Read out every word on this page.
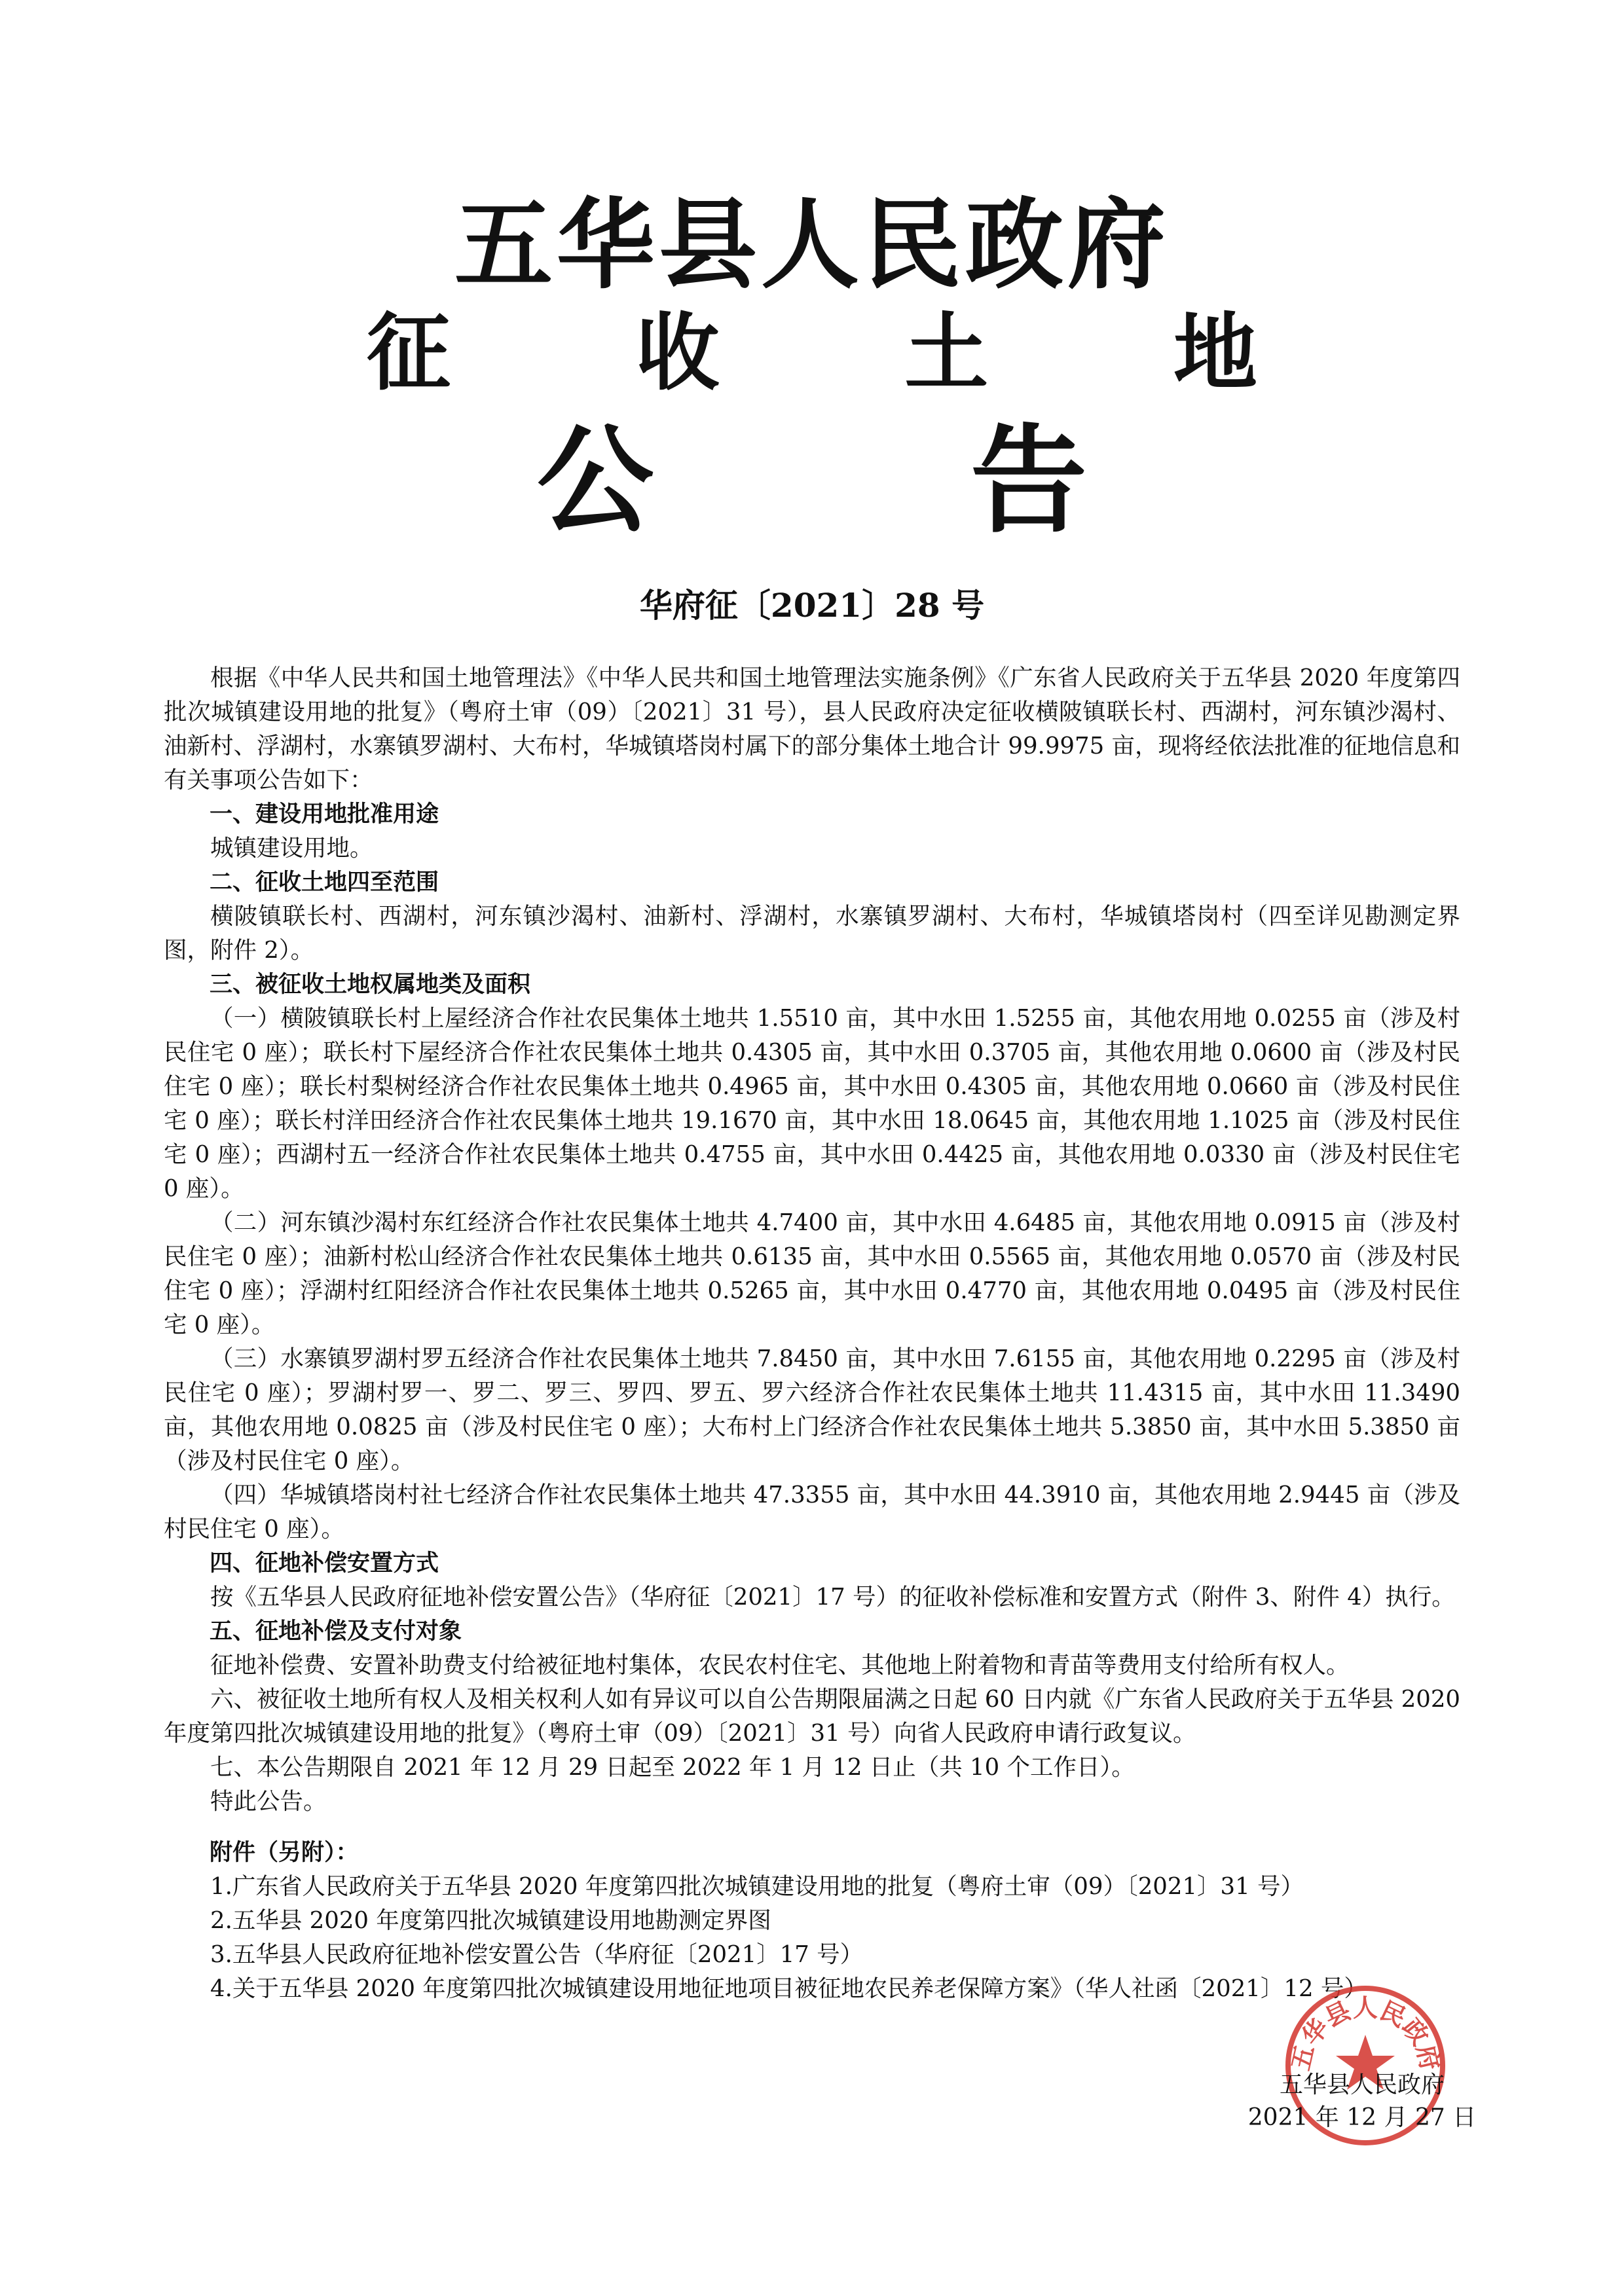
五华县人民政府
征 收 土 地
公	告
华府征〔2021〕28 号

根据《中华人民共和国土地管理法》《中华人民共和国土地管理法实施条例》《广东省人民政府关于五华县 2020 年度第四批次城镇建设用地的批复》（粤府土审（09）〔2021〕31 号），县人民政府决定征收横陂镇联长村、西湖村，河东镇沙渴村、油新村、浮湖村，水寨镇罗湖村、大布村，华城镇塔岗村属下的部分集体土地合计 99.9975 亩，现将经依法批准的征地信息和有关事项公告如下：

一、建设用地批准用途

城镇建设用地。

二、征收土地四至范围

横陂镇联长村、西湖村，河东镇沙渴村、油新村、浮湖村，水寨镇罗湖村、大布村，华城镇塔岗村（四至详见勘测定界图，附件 2）。

三、被征收土地权属地类及面积

（一）横陂镇联长村上屋经济合作社农民集体土地共 1.5510 亩，其中水田 1.5255 亩，其他农用地 0.0255 亩（涉及村民住宅 0 座）；联长村下屋经济合作社农民集体土地共 0.4305 亩，其中水田 0.3705 亩，其他农用地 0.0600 亩（涉及村民住宅 0 座）；联长村梨树经济合作社农民集体土地共 0.4965 亩，其中水田 0.4305 亩，其他农用地 0.0660 亩（涉及村民住宅 0 座）；联长村洋田经济合作社农民集体土地共 19.1670 亩，其中水田 18.0645 亩，其他农用地 1.1025 亩（涉及村民住宅 0 座）；西湖村五一经济合作社农民集体土地共 0.4755 亩，其中水田 0.4425 亩，其他农用地 0.0330 亩（涉及村民住宅 0 座）。

（二）河东镇沙渴村东红经济合作社农民集体土地共 4.7400 亩，其中水田 4.6485 亩，其他农用地 0.0915 亩（涉及村民住宅 0 座）；油新村松山经济合作社农民集体土地共 0.6135 亩，其中水田 0.5565 亩，其他农用地 0.0570 亩（涉及村民住宅 0 座）；浮湖村红阳经济合作社农民集体土地共 0.5265 亩，其中水田 0.4770 亩，其他农用地 0.0495 亩（涉及村民住宅 0 座）。

（三）水寨镇罗湖村罗五经济合作社农民集体土地共 7.8450 亩，其中水田 7.6155 亩，其他农用地 0.2295 亩（涉及村民住宅 0 座）；罗湖村罗一、罗二、罗三、罗四、罗五、罗六经济合作社农民集体土地共 11.4315 亩，其中水田 11.3490 亩，其他农用地 0.0825 亩（涉及村民住宅 0 座）；大布村上门经济合作社农民集体土地共 5.3850 亩，其中水田 5.3850 亩（涉及村民住宅 0 座）。

（四）华城镇塔岗村社七经济合作社农民集体土地共 47.3355 亩，其中水田 44.3910 亩，其他农用地 2.9445 亩（涉及村民住宅 0 座）。

四、征地补偿安置方式

按《五华县人民政府征地补偿安置公告》（华府征〔2021〕17 号）的征收补偿标准和安置方式（附件 3、附件 4）执行。

五、征地补偿及支付对象

征地补偿费、安置补助费支付给被征地村集体，农民农村住宅、其他地上附着物和青苗等费用支付给所有权人。

六、被征收土地所有权人及相关权利人如有异议可以自公告期限届满之日起 60 日内就《广东省人民政府关于五华县 2020 年度第四批次城镇建设用地的批复》（粤府土审（09）〔2021〕31 号）向省人民政府申请行政复议。

七、本公告期限自 2021 年 12 月 29 日起至 2022 年 1 月 12 日止（共 10 个工作日）。

特此公告。

附件（另附）：

1.广东省人民政府关于五华县 2020 年度第四批次城镇建设用地的批复（粤府土审（09）〔2021〕31 号）

2.五华县 2020 年度第四批次城镇建设用地勘测定界图

3.五华县人民政府征地补偿安置公告（华府征〔2021〕17 号）

4.关于五华县 2020 年度第四批次城镇建设用地征地项目被征地农民养老保障方案》（华人社函〔2021〕12 号）

五华县人民政府
五华县人民政府
2021 年 12 月 27 日
